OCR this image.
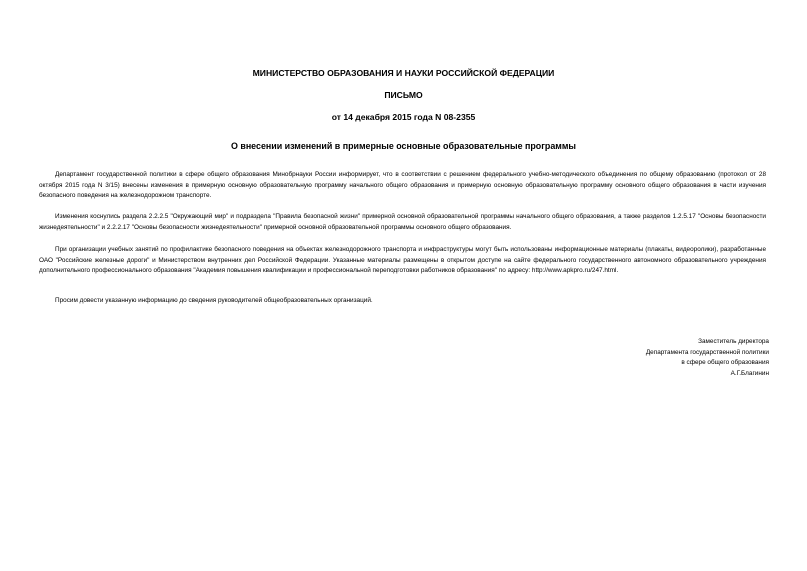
МИНИСТЕРСТВО ОБРАЗОВАНИЯ И НАУКИ РОССИЙСКОЙ ФЕДЕРАЦИИ
ПИСЬМО
от 14 декабря 2015 года N 08-2355
О внесении изменений в примерные основные образовательные программы

Департамент государственной политики в сфере общего образования Минобрнауки России информирует, что в соответствии с решением федерального учебно-методического объединения по общему образованию (протокол от 28 октября 2015 года N 3/15) внесены изменения в примерную основную образовательную программу начального общего образования и примерную основную образовательную программу основного общего образования в части изучения безопасного поведения на железнодорожном транспорте.

Изменения коснулись раздела 2.2.2.5 "Окружающий мир" и подраздела "Правила безопасной жизни" примерной основной образовательной программы начального общего образования, а также разделов 1.2.5.17 "Основы безопасности жизнедеятельности" и 2.2.2.17 "Основы безопасности жизнедеятельности" примерной основной образовательной программы основного общего образования.

При организации учебных занятий по профилактике безопасного поведения на объектах железнодорожного транспорта и инфраструктуры могут быть использованы информационные материалы (плакаты, видеоролики), разработанные ОАО "Российские железные дороги" и Министерством внутренних дел Российской Федерации. Указанные материалы размещены в открытом доступе на сайте федерального государственного автономного образовательного учреждения дополнительного профессионального образования "Академия повышения квалификации и профессиональной переподготовки работников образования" по адресу: http://www.apkpro.ru/247.html.

Просим довести указанную информацию до сведения руководителей общеобразовательных организаций.

Заместитель директора
Департамента государственной политики
в сфере общего образования
А.Г.Благинин
